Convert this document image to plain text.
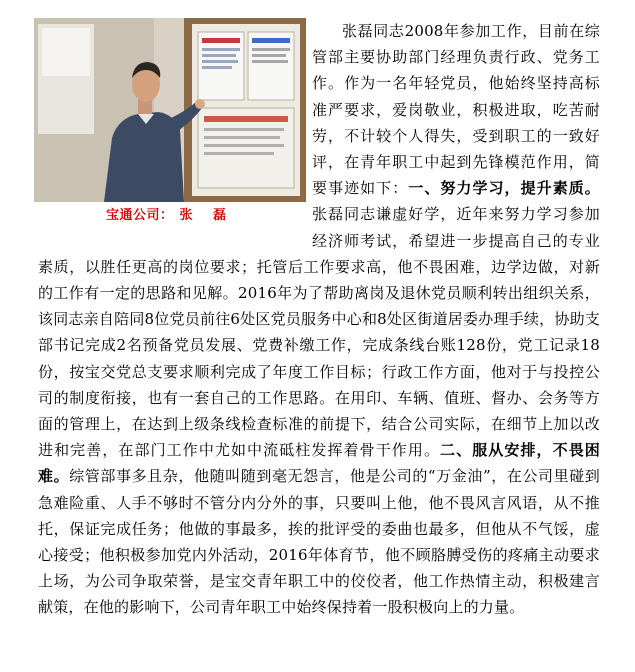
宝通公司： 张 磊

张磊同志2008年参加工作，目前在综管部主要协助部门经理负责行政、党务工作。作为一名年轻党员，他始终坚持高标准严要求，爱岗敬业，积极进取，吃苦耐劳，不计较个人得失，受到职工的一致好评，在青年职工中起到先锋模范作用，简要事迹如下：一、努力学习，提升素质。张磊同志谦虚好学，近年来努力学习参加经济师考试，希望进一步提高自己的专业素质，以胜任更高的岗位要求；托管后工作要求高，他不畏困难，边学边做，对新的工作有一定的思路和见解。2016年为了帮助离岗及退休党员顺利转出组织关系，该同志亲自陪同8位党员前往6处区党员服务中心和8处区街道居委办理手续，协助支部书记完成2名预备党员发展、党费补缴工作，完成条线台账128份，党工记录18份，按宝交党总支要求顺利完成了年度工作目标；行政工作方面，他对于与投控公司的制度衔接，也有一套自己的工作思路。在用印、车辆、值班、督办、会务等方面的管理上，在达到上级条线检查标准的前提下，结合公司实际，在细节上加以改进和完善，在部门工作中尤如中流砥柱发挥着骨干作用。二、服从安排，不畏困难。综管部事多且杂，他随叫随到毫无怨言，他是公司的“万金油”，在公司里碰到急难险重、人手不够时不管分内分外的事，只要叫上他，他不畏风言风语，从不推托，保证完成任务；他做的事最多，挨的批评受的委曲也最多，但他从不气馁，虚心接受；他积极参加党内外活动，2016年体育节，他不顾胳膊受伤的疼痛主动要求上场，为公司争取荣誉，是宝交青年职工中的佼佼者，他工作热情主动，积极建言献策，在他的影响下，公司青年职工中始终保持着一股积极向上的力量。
